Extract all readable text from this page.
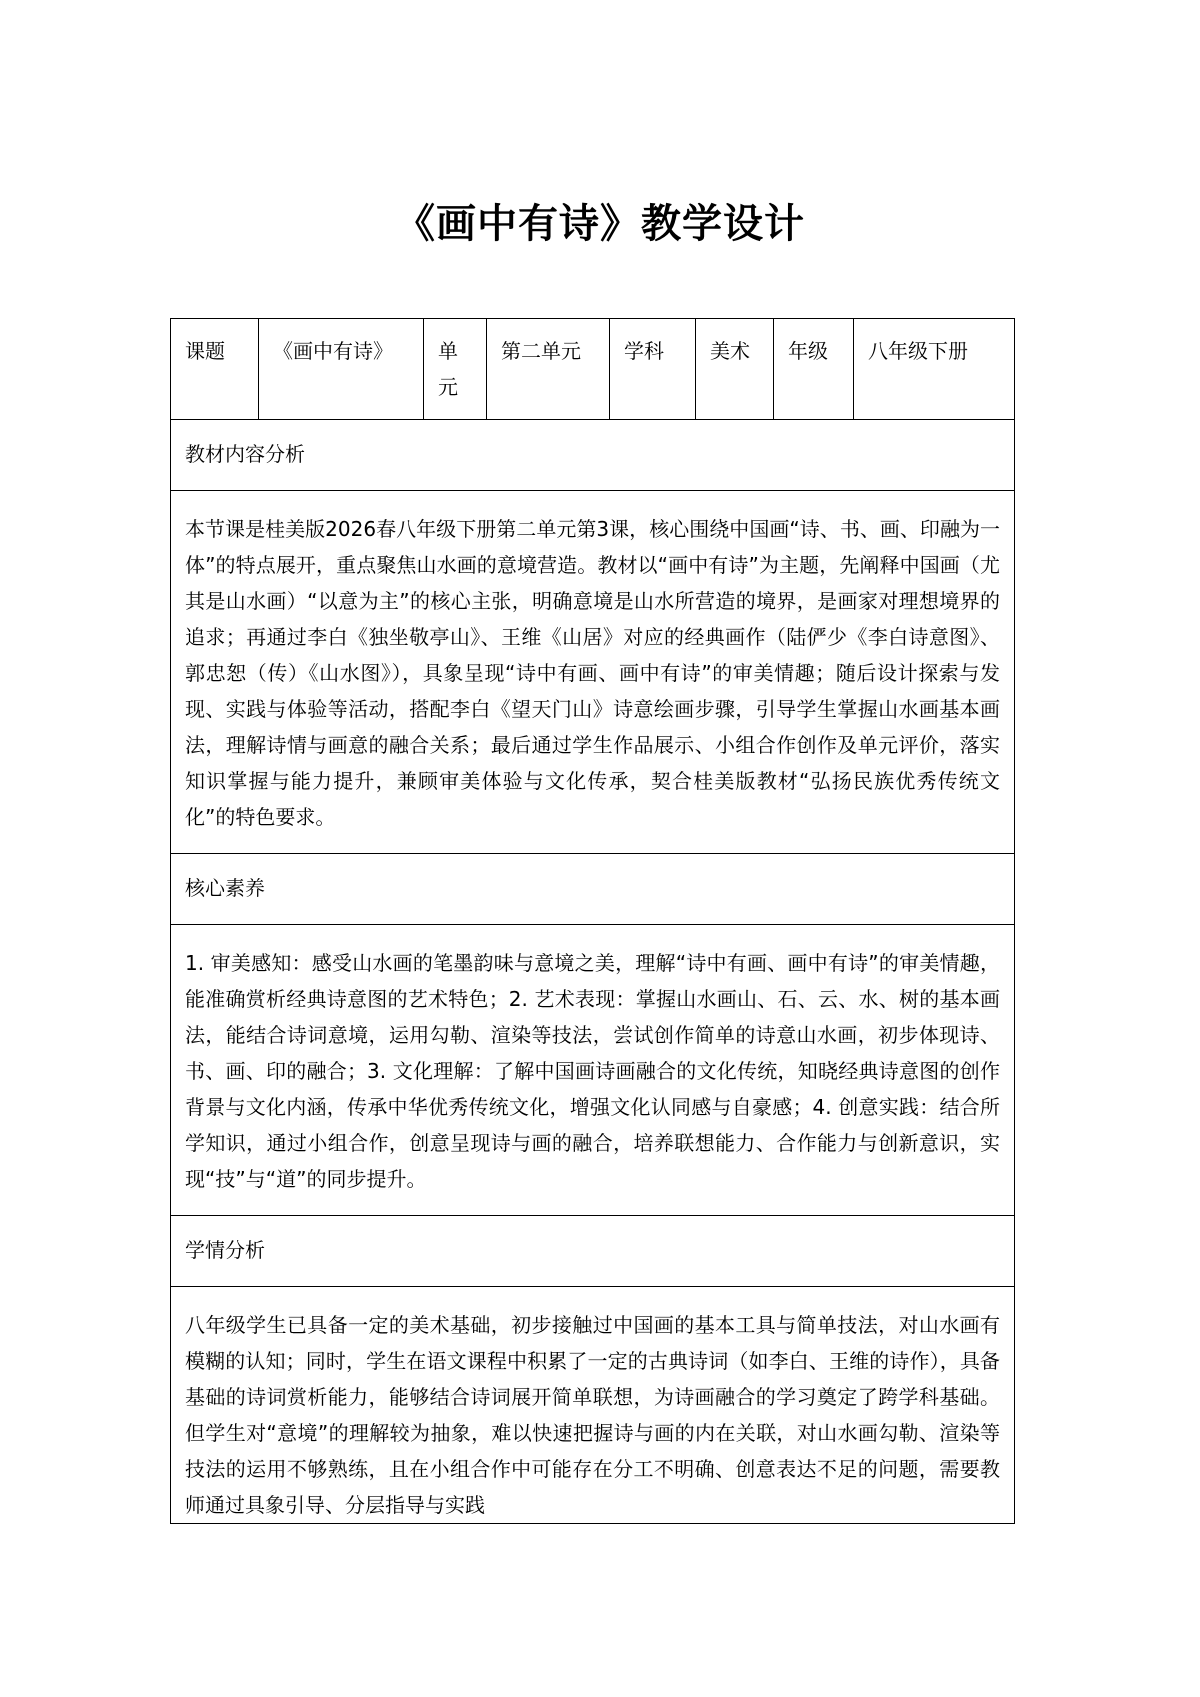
《画中有诗》教学设计
课题	《画中有诗》	单元	第二单元	学科	美术	年级	八年级下册
教材内容分析
本节课是桂美版2026春八年级下册第二单元第3课，核心围绕中国画“诗、书、画、印融为一体”的特点展开，重点聚焦山水画的意境营造。教材以“画中有诗”为主题，先阐释中国画（尤其是山水画）“以意为主”的核心主张，明确意境是山水所营造的境界，是画家对理想境界的追求；再通过李白《独坐敬亭山》、王维《山居》对应的经典画作（陆俨少《李白诗意图》、郭忠恕（传）《山水图》），具象呈现“诗中有画、画中有诗”的审美情趣；随后设计探索与发现、实践与体验等活动，搭配李白《望天门山》诗意绘画步骤，引导学生掌握山水画基本画法，理解诗情与画意的融合关系；最后通过学生作品展示、小组合作创作及单元评价，落实知识掌握与能力提升，兼顾审美体验与文化传承，契合桂美版教材“弘扬民族优秀传统文化”的特色要求。
核心素养
1. 审美感知：感受山水画的笔墨韵味与意境之美，理解“诗中有画、画中有诗”的审美情趣，能准确赏析经典诗意图的艺术特色；2. 艺术表现：掌握山水画山、石、云、水、树的基本画法，能结合诗词意境，运用勾勒、渲染等技法，尝试创作简单的诗意山水画，初步体现诗、书、画、印的融合；3. 文化理解：了解中国画诗画融合的文化传统，知晓经典诗意图的创作背景与文化内涵，传承中华优秀传统文化，增强文化认同感与自豪感；4. 创意实践：结合所学知识，通过小组合作，创意呈现诗与画的融合，培养联想能力、合作能力与创新意识，实现“技”与“道”的同步提升。
学情分析

八年级学生已具备一定的美术基础，初步接触过中国画的基本工具与简单技法，对山水画有模糊的认知；同时，学生在语文课程中积累了一定的古典诗词（如李白、王维的诗作），具备基础的诗词赏析能力，能够结合诗词展开简单联想，为诗画融合的学习奠定了跨学科基础。但学生对“意境”的理解较为抽象，难以快速把握诗与画的内在关联，对山水画勾勒、渲染等技法的运用不够熟练，且在小组合作中可能存在分工不明确、创意表达不足的问题，需要教师通过具象引导、分层指导与实践
